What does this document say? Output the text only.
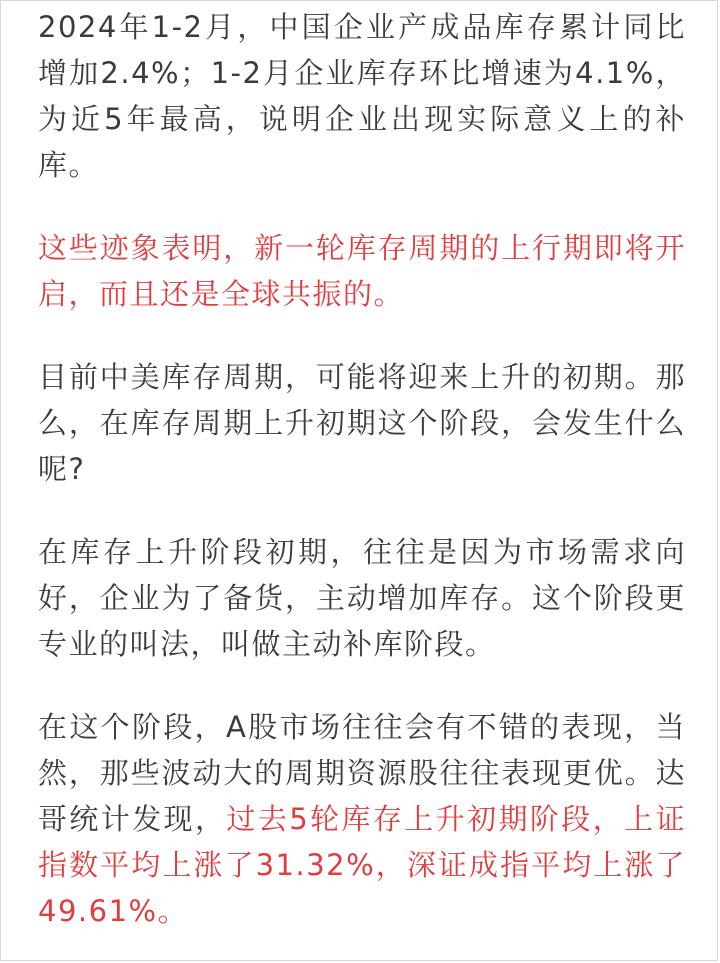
2024年1-2月，中国企业产成品库存累计同比增加2.4%；1-2月企业库存环比增速为4.1%，为近5年最高，说明企业出现实际意义上的补库。

这些迹象表明，新一轮库存周期的上行期即将开启，而且还是全球共振的。

目前中美库存周期，可能将迎来上升的初期。那么，在库存周期上升初期这个阶段，会发生什么呢?

在库存上升阶段初期，往往是因为市场需求向好，企业为了备货，主动增加库存。这个阶段更专业的叫法，叫做主动补库阶段。

在这个阶段，A股市场往往会有不错的表现，当然，那些波动大的周期资源股往往表现更优。达哥统计发现，过去5轮库存上升初期阶段，上证指数平均上涨了31.32%，深证成指平均上涨了49.61%。
